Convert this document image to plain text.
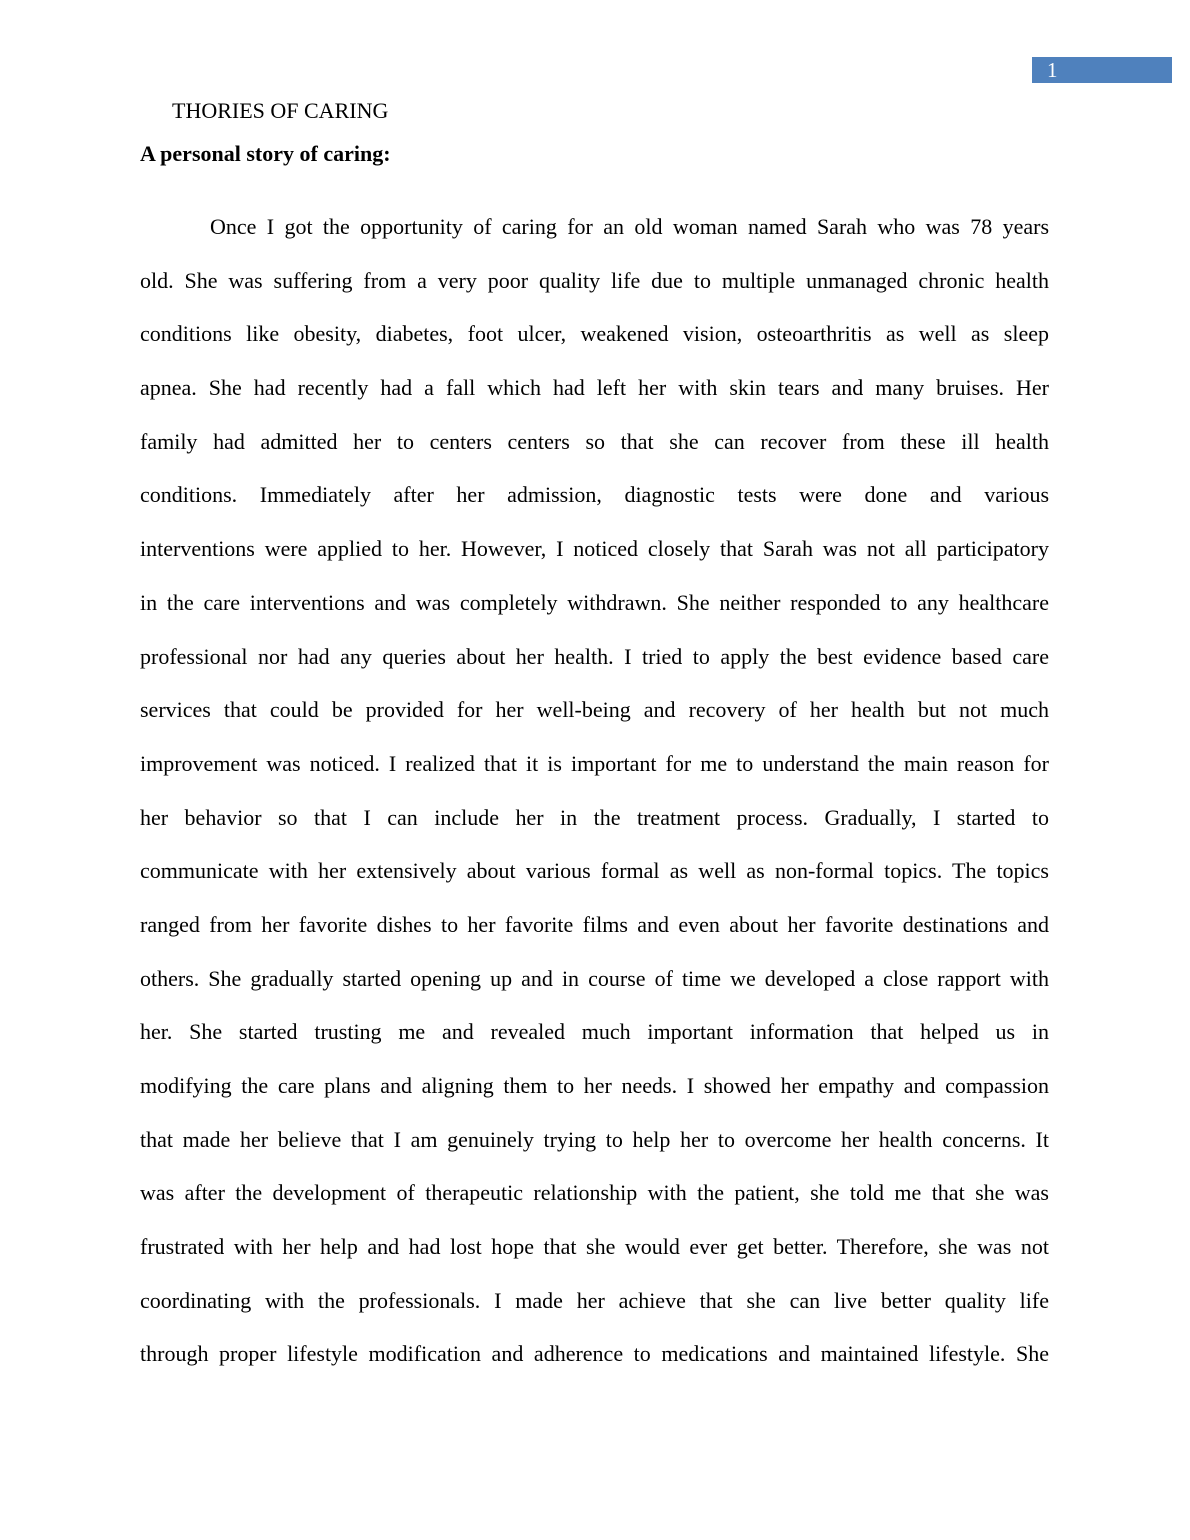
1
THORIES OF CARING
A personal story of caring:
Once I got the opportunity of caring for an old woman named Sarah who was 78 years
old. She was suffering from a very poor quality life due to multiple unmanaged chronic health
conditions like obesity, diabetes, foot ulcer, weakened vision, osteoarthritis as well as sleep
apnea. She had recently had a fall which had left her with skin tears and many bruises. Her
family had admitted her to centers centers so that she can recover from these ill health
conditions. Immediately after her admission, diagnostic tests were done and various
interventions were applied to her. However, I noticed closely that Sarah was not all participatory
in the care interventions and was completely withdrawn. She neither responded to any healthcare
professional nor had any queries about her health. I tried to apply the best evidence based care
services that could be provided for her well-being and recovery of her health but not much
improvement was noticed. I realized that it is important for me to understand the main reason for
her behavior so that I can include her in the treatment process. Gradually, I started to
communicate with her extensively about various formal as well as non-formal topics. The topics
ranged from her favorite dishes to her favorite films and even about her favorite destinations and
others. She gradually started opening up and in course of time we developed a close rapport with
her. She started trusting me and revealed much important information that helped us in
modifying the care plans and aligning them to her needs. I showed her empathy and compassion
that made her believe that I am genuinely trying to help her to overcome her health concerns. It
was after the development of therapeutic relationship with the patient, she told me that she was
frustrated with her help and had lost hope that she would ever get better. Therefore, she was not
coordinating with the professionals. I made her achieve that she can live better quality life
through proper lifestyle modification and adherence to medications and maintained lifestyle. She
